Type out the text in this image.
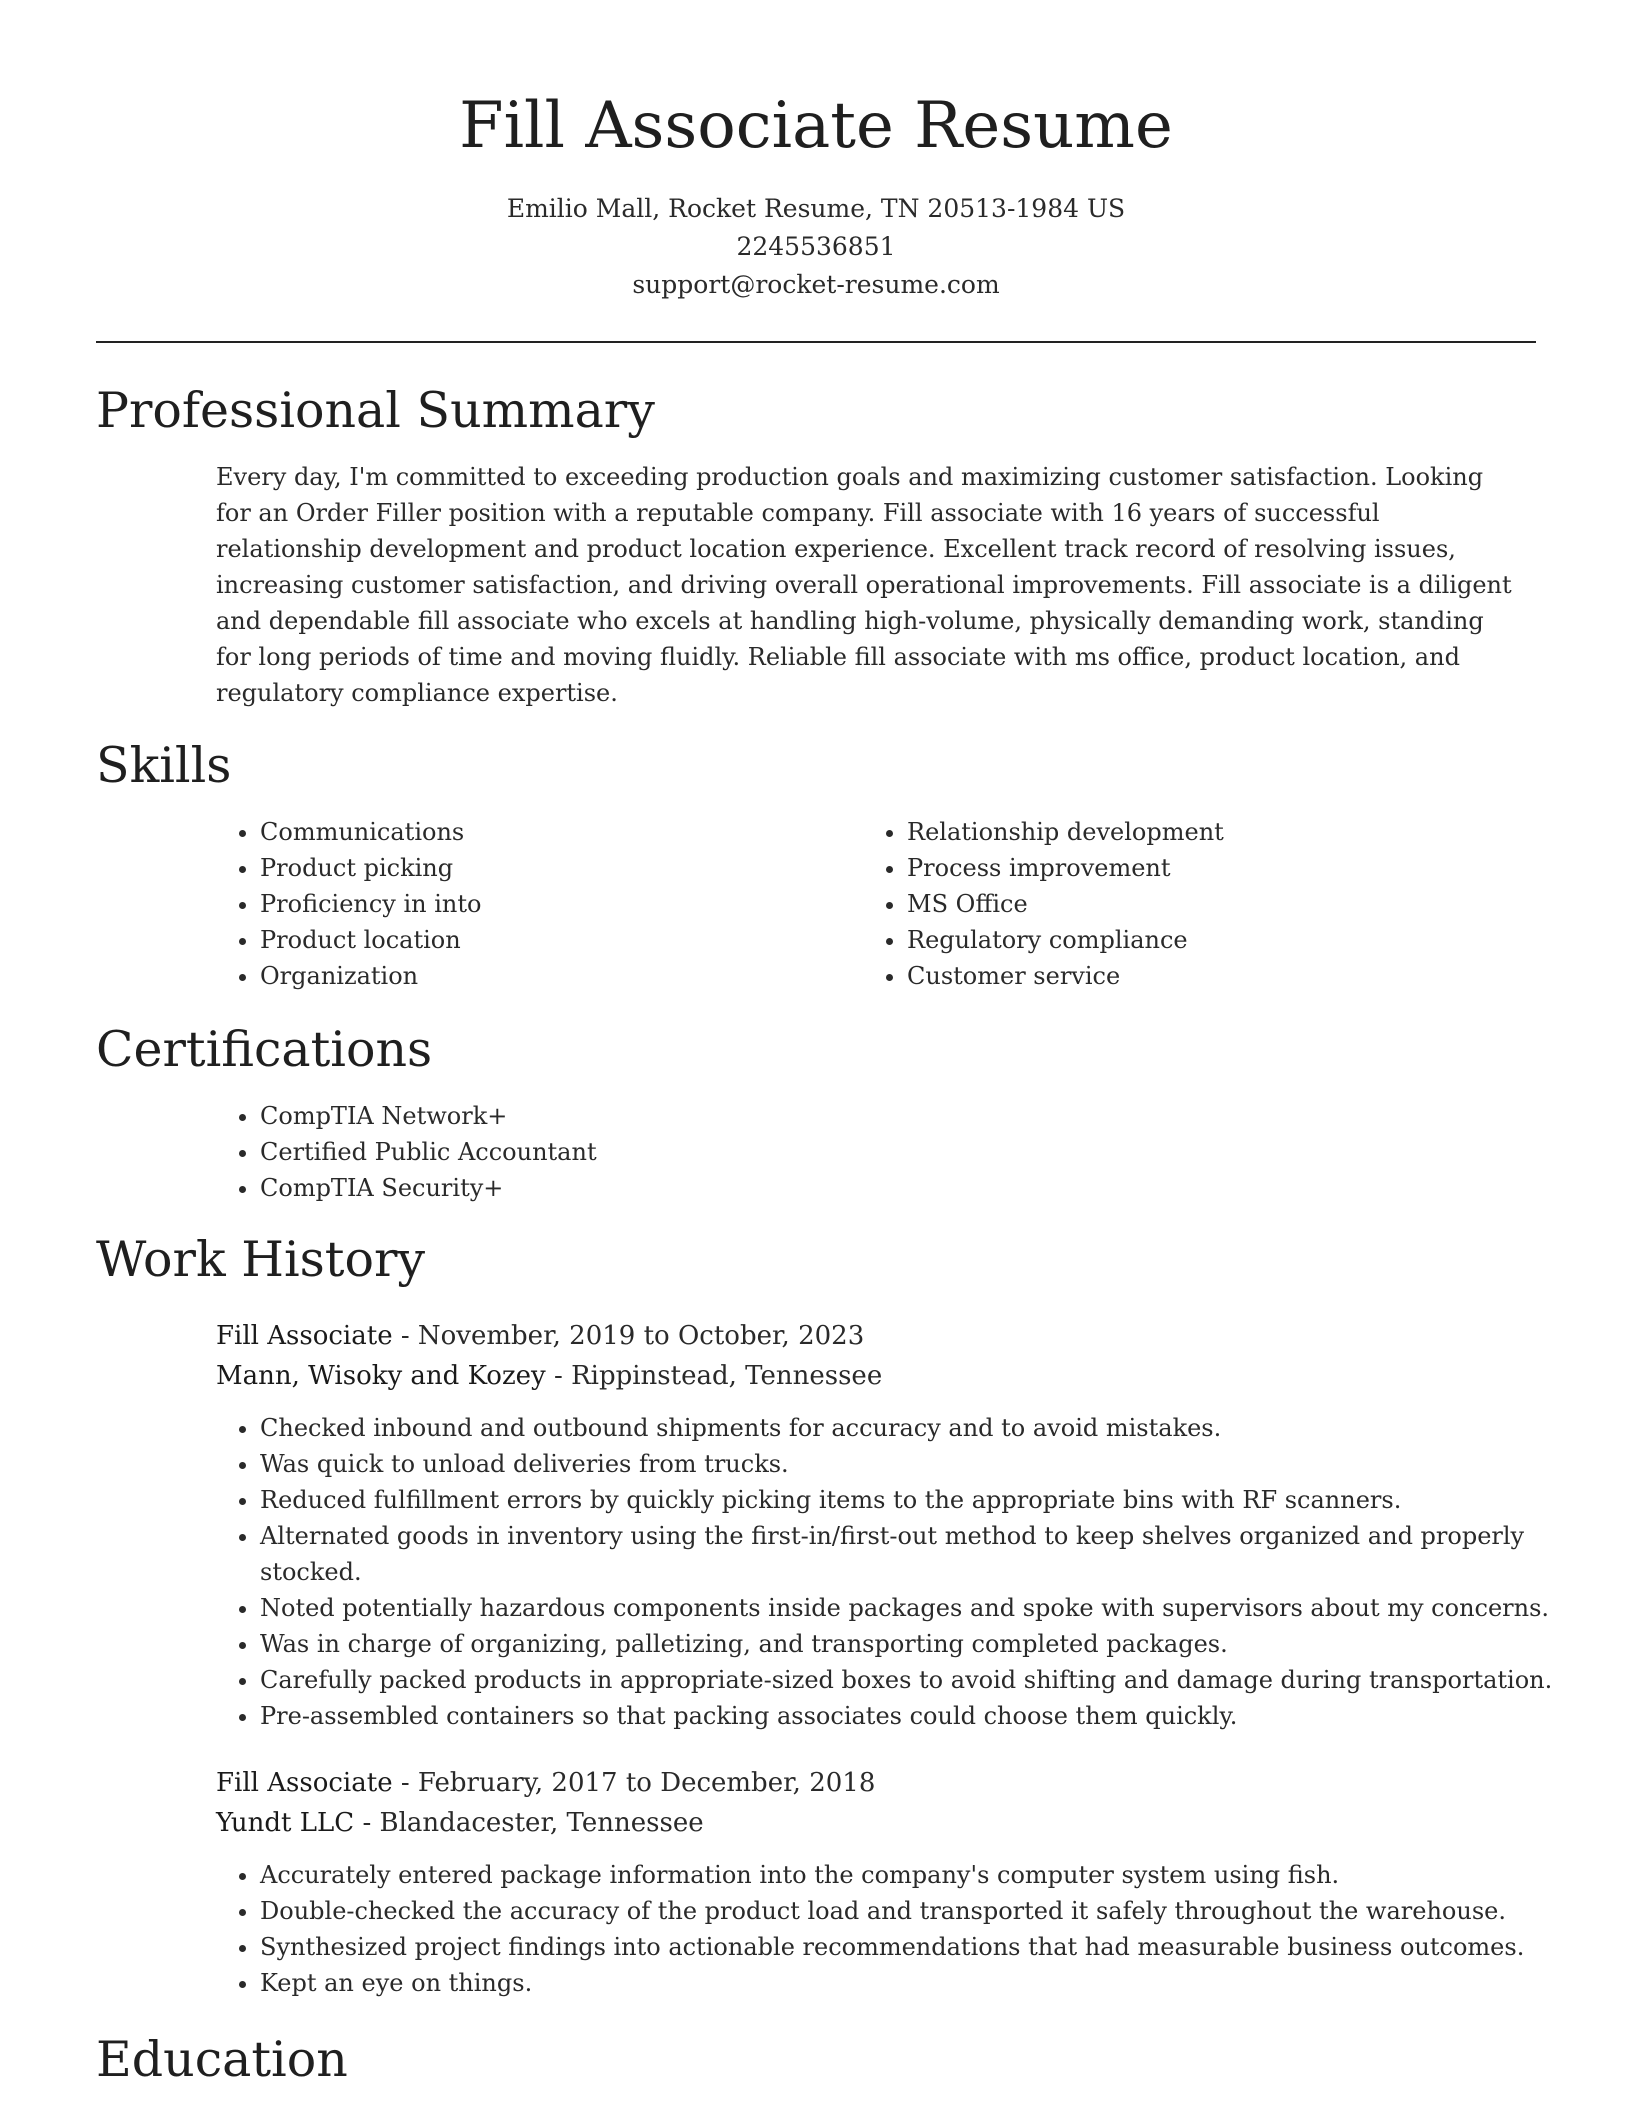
Fill Associate Resume
Emilio Mall, Rocket Resume, TN 20513-1984 US
2245536851
support@rocket-resume.com
Professional Summary

Every day, I'm committed to exceeding production goals and maximizing customer satisfaction. Looking for an Order Filler position with a reputable company. Fill associate with 16 years of successful relationship development and product location experience. Excellent track record of resolving issues, increasing customer satisfaction, and driving overall operational improvements. Fill associate is a diligent and dependable fill associate who excels at handling high-volume, physically demanding work, standing for long periods of time and moving fluidly. Reliable fill associate with ms office, product location, and regulatory compliance expertise.

Skills
• Communications
• Product picking
• Proficiency in into
• Product location
• Organization
• Relationship development
• Process improvement
• MS Office
• Regulatory compliance
• Customer service
Certifications
• CompTIA Network+
• Certified Public Accountant
• CompTIA Security+
Work History
Fill Associate - November, 2019 to October, 2023
Mann, Wisoky and Kozey - Rippinstead, Tennessee
• Checked inbound and outbound shipments for accuracy and to avoid mistakes.
• Was quick to unload deliveries from trucks.
• Reduced fulfillment errors by quickly picking items to the appropriate bins with RF scanners.
• Alternated goods in inventory using the first-in/first-out method to keep shelves organized and properly stocked.
• Noted potentially hazardous components inside packages and spoke with supervisors about my concerns.
• Was in charge of organizing, palletizing, and transporting completed packages.
• Carefully packed products in appropriate-sized boxes to avoid shifting and damage during transportation.
• Pre-assembled containers so that packing associates could choose them quickly.
Fill Associate - February, 2017 to December, 2018
Yundt LLC - Blandacester, Tennessee
• Accurately entered package information into the company's computer system using fish.
• Double-checked the accuracy of the product load and transported it safely throughout the warehouse.
• Synthesized project findings into actionable recommendations that had measurable business outcomes.
• Kept an eye on things.
Education
